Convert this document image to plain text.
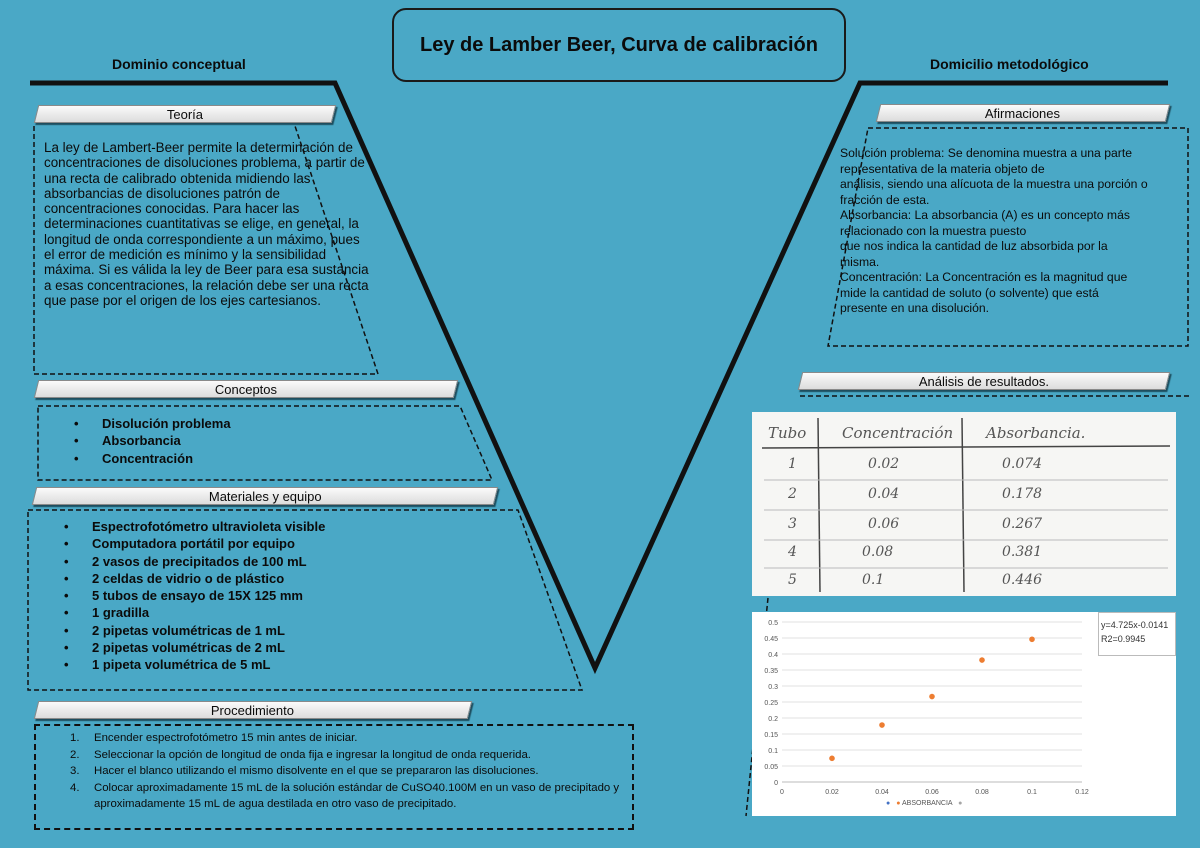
Ley de Lamber Beer, Curva de calibración
Dominio conceptual	Domicilio metodológico
Teoría
La ley de Lambert-Beer permite la determinación de concentraciones de disoluciones problema, a partir de una recta de calibrado obtenida midiendo las absorbancias de disoluciones patrón de concentraciones conocidas. Para hacer las determinaciones cuantitativas se elige, en general, la longitud de onda correspondiente a un máximo, pues el error de medición es mínimo y la sensibilidad máxima. Si es válida la ley de Beer para esa sustancia a esas concentraciones, la relación debe ser una recta que pase por el origen de los ejes cartesianos.
Conceptos
• Disolución problema
• Absorbancia
• Concentración
Materiales y equipo
• Espectrofotómetro ultravioleta visible
• Computadora portátil por equipo
• 2 vasos de precipitados de 100 mL
• 2 celdas de vidrio o de plástico
• 5 tubos de ensayo de 15X 125 mm
• 1 gradilla
• 2 pipetas volumétricas de 1 mL
• 2 pipetas volumétricas de 2 mL
• 1 pipeta volumétrica de 5 mL
Procedimiento
1. Encender espectrofotómetro 15 min antes de iniciar.
2. Seleccionar la opción de longitud de onda fija e ingresar la longitud de onda requerida.
3. Hacer el blanco utilizando el mismo disolvente en el que se prepararon las disoluciones.
4. Colocar aproximadamente 15 mL de la solución estándar de CuSO40.100M en un vaso de precipitado y aproximadamente 15 mL de agua destilada en otro vaso de precipitado.
Afirmaciones
Solución problema: Se denomina muestra a una parte
representativa de la materia objeto de
análisis, siendo una alícuota de la muestra una porción o
fracción de esta.
Absorbancia: La absorbancia (A) es un concepto más
relacionado con la muestra puesto
que nos indica la cantidad de luz absorbida por la
misma.
Concentración: La Concentración es la magnitud que
mide la cantidad de soluto (o solvente) que está
presente en una disolución.
Análisis de resultados.
Tubo Concentración Absorbancia.
1	0.02	0.074
2	0.04	0.178
3	0.06	0.267
4	0.08	0.381
5	0.1	0.446
0
0.05
0.1
0.15
0.2
0.25
0.3
0.35
0.4
0.45
0.5
0	0.02	0.04	0.06	0.08	0.1	0.12
y=4.725x-0.0141
R2=0.9945
● ● ABSORBANCIA ●
